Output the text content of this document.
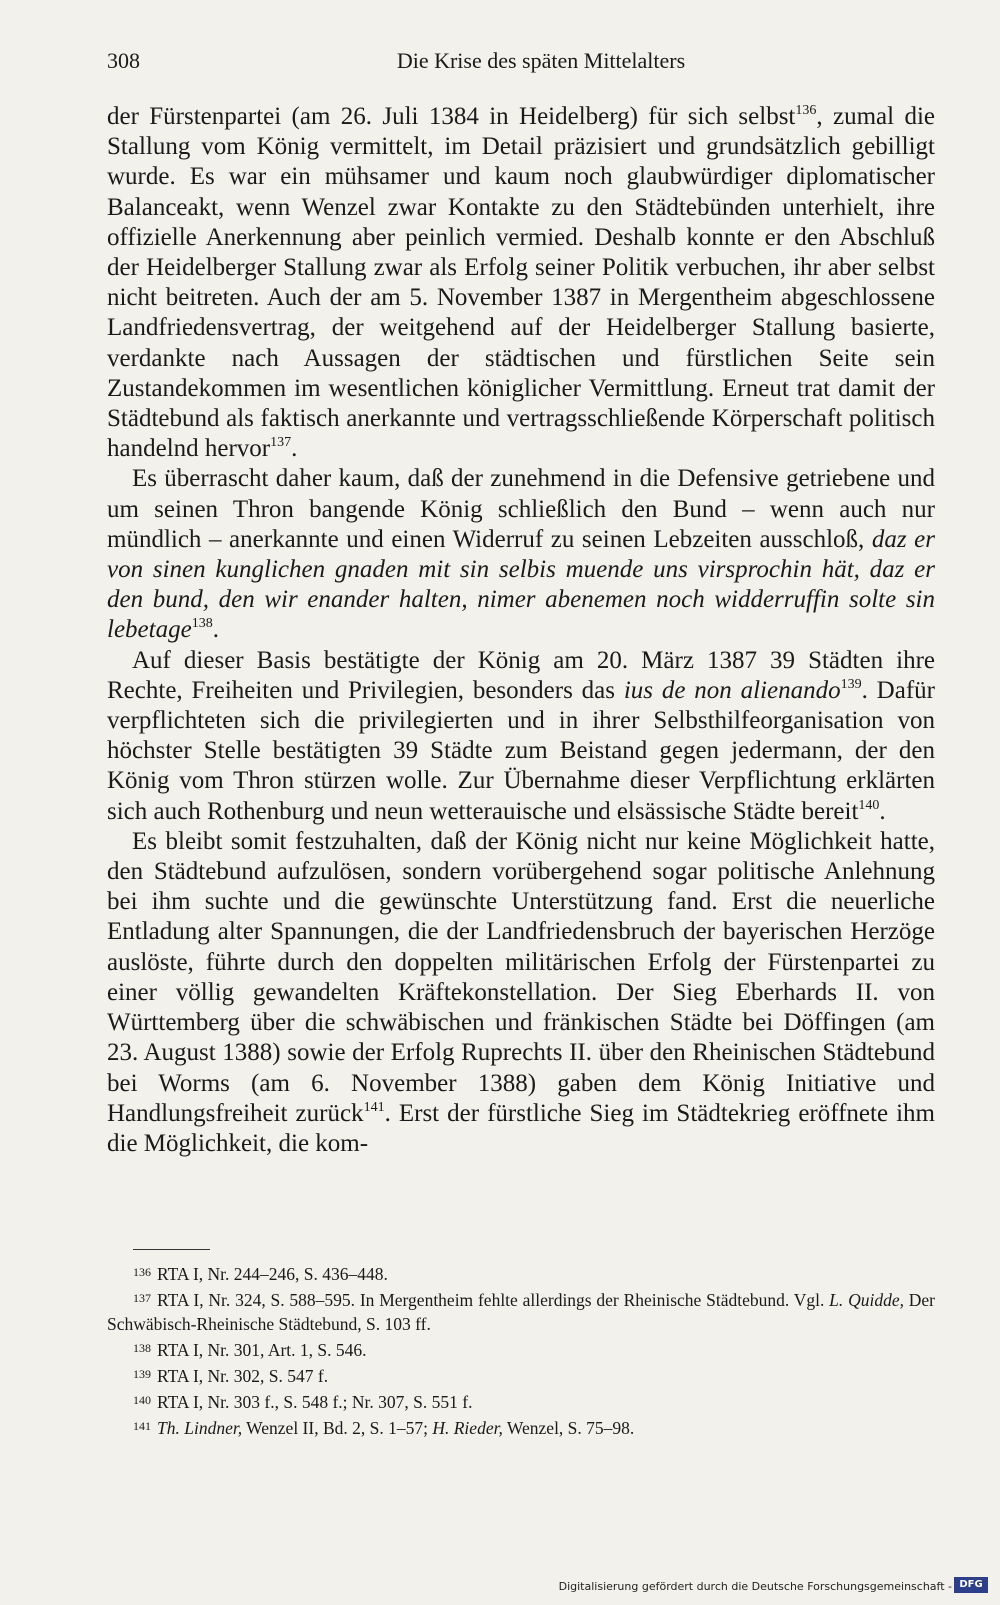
308	Die Krise des späten Mittelalters

der Fürstenpartei (am 26. Juli 1384 in Heidelberg) für sich selbst$^{136}$, zumal die Stallung vom König vermittelt, im Detail präzisiert und grundsätzlich gebilligt wurde. Es war ein mühsamer und kaum noch glaubwürdiger diplomatischer Balanceakt, wenn Wenzel zwar Kontakte zu den Städtebünden unterhielt, ihre offizielle Anerkennung aber peinlich vermied. Deshalb konnte er den Abschluß der Heidelberger Stallung zwar als Erfolg seiner Politik verbuchen, ihr aber selbst nicht beitreten. Auch der am 5. November 1387 in Mergentheim abgeschlossene Landfriedensvertrag, der weitgehend auf der Heidelberger Stallung basierte, verdankte nach Aussagen der städtischen und fürstlichen Seite sein Zustandekommen im wesentlichen königlicher Vermittlung. Erneut trat damit der Städtebund als faktisch anerkannte und vertragsschließende Körperschaft politisch handelnd hervor$^{137}$.

Es überrascht daher kaum, daß der zunehmend in die Defensive getriebene und um seinen Thron bangende König schließlich den Bund – wenn auch nur mündlich – anerkannte und einen Widerruf zu seinen Lebzeiten ausschloß, daz er von sinen kunglichen gnaden mit sin selbis muende uns virsprochin hät, daz er den bund, den wir enander halten, nimer abenemen noch widderruffin solte sin lebetage$^{138}$.

Auf dieser Basis bestätigte der König am 20. März 1387 39 Städten ihre Rechte, Freiheiten und Privilegien, besonders das ius de non alienando$^{139}$. Dafür verpflichteten sich die privilegierten und in ihrer Selbsthilfeorganisation von höchster Stelle bestätigten 39 Städte zum Beistand gegen jedermann, der den König vom Thron stürzen wolle. Zur Übernahme dieser Verpflichtung erklärten sich auch Rothenburg und neun wetterauische und elsässische Städte bereit$^{140}$.

Es bleibt somit festzuhalten, daß der König nicht nur keine Möglichkeit hatte, den Städtebund aufzulösen, sondern vorübergehend sogar politische Anlehnung bei ihm suchte und die gewünschte Unterstützung fand. Erst die neuerliche Entladung alter Spannungen, die der Landfriedensbruch der bayerischen Herzöge auslöste, führte durch den doppelten militärischen Erfolg der Fürstenpartei zu einer völlig gewandelten Kräftekonstellation. Der Sieg Eberhards II. von Württemberg über die schwäbischen und fränkischen Städte bei Döffingen (am 23. August 1388) sowie der Erfolg Ruprechts II. über den Rheinischen Städtebund bei Worms (am 6. November 1388) gaben dem König Initiative und Handlungsfreiheit zurück$^{141}$. Erst der fürstliche Sieg im Städtekrieg eröffnete ihm die Möglichkeit, die kom-

136 RTA I, Nr. 244–246, S. 436–448.
137 RTA I, Nr. 324, S. 588–595. In Mergentheim fehlte allerdings der Rheinische Städtebund. Vgl. L. Quidde, Der Schwäbisch-Rheinische Städtebund, S. 103 ff.
138 RTA I, Nr. 301, Art. 1, S. 546.
139 RTA I, Nr. 302, S. 547 f.
140 RTA I, Nr. 303 f., S. 548 f.; Nr. 307, S. 551 f.
141 Th. Lindner, Wenzel II, Bd. 2, S. 1–57; H. Rieder, Wenzel, S. 75–98.
Digitalisierung gefördert durch die Deutsche Forschungsgemeinschaft - DFG
